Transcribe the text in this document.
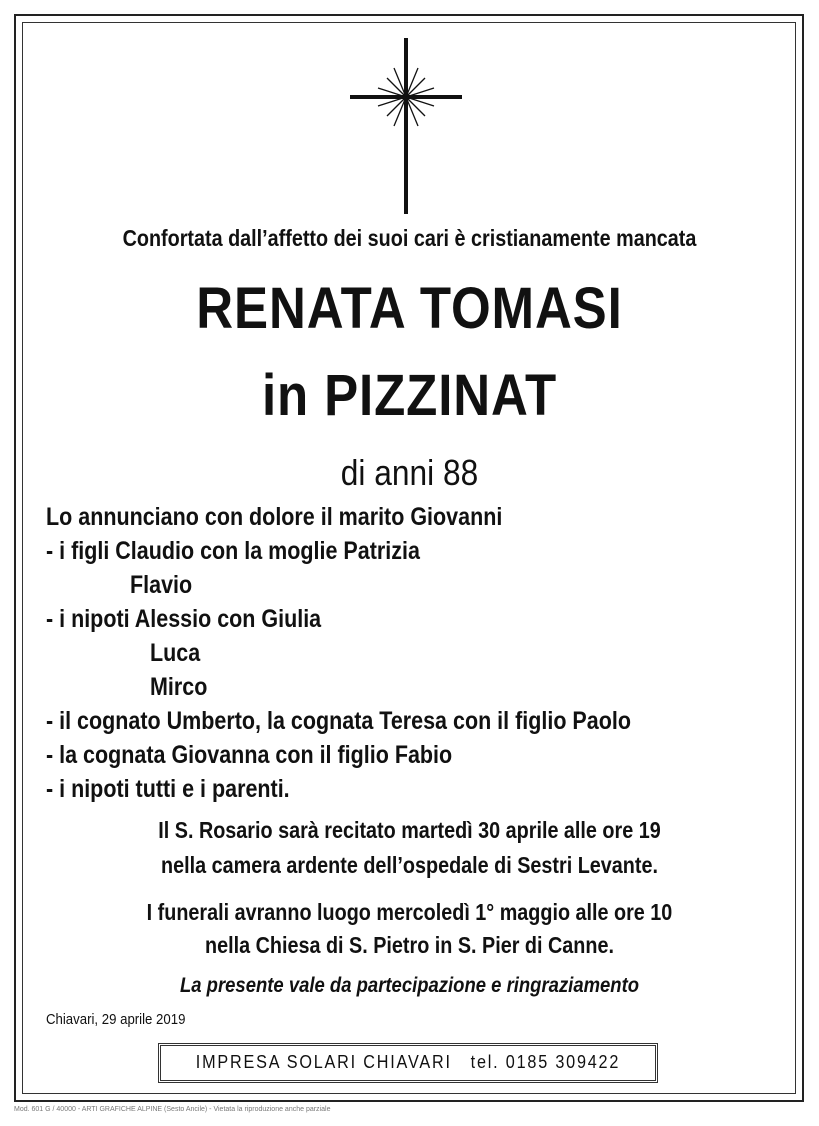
Confortata dall’affetto dei suoi cari è cristianamente mancata
RENATA TOMASI
in PIZZINAT
di anni 88
Lo annunciano con dolore il marito Giovanni
- i figli Claudio con la moglie Patrizia
Flavio
- i nipoti Alessio con Giulia
Luca
Mirco
- il cognato Umberto, la cognata Teresa con il figlio Paolo
- la cognata Giovanna con il figlio Fabio
- i nipoti tutti e i parenti.
Il S. Rosario sarà recitato martedì 30 aprile alle ore 19
nella camera ardente dell’ospedale di Sestri Levante.
I funerali avranno luogo mercoledì 1° maggio alle ore 10
nella Chiesa di S. Pietro in S. Pier di Canne.
La presente vale da partecipazione e ringraziamento
Chiavari, 29 aprile 2019
IMPRESA SOLARI CHIAVARI   tel. 0185 309422
Mod. 601 G / 40000 - ARTI GRAFICHE ALPINE (Sesto Ancile) - Vietata la riproduzione anche parziale
